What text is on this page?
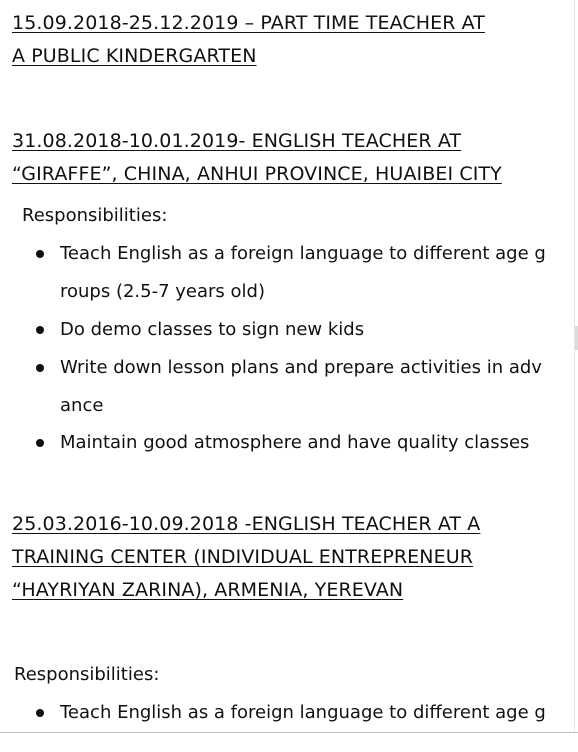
15.09.2018-25.12.2019 – PART TIME TEACHER AT
A PUBLIC KINDERGARTEN
31.08.2018-10.01.2019- ENGLISH TEACHER AT
“GIRAFFE”, CHINA, ANHUI PROVINCE, HUAIBEI CITY
Responsibilities:
Teach English as a foreign language to different age g
roups (2.5-7 years old)
Do demo classes to sign new kids
Write down lesson plans and prepare activities in adv
ance
Maintain good atmosphere and have quality classes
25.03.2016-10.09.2018 -ENGLISH TEACHER AT A
TRAINING CENTER (INDIVIDUAL ENTREPRENEUR
“HAYRIYAN ZARINA), ARMENIA, YEREVAN
Responsibilities:
Teach English as a foreign language to different age g
